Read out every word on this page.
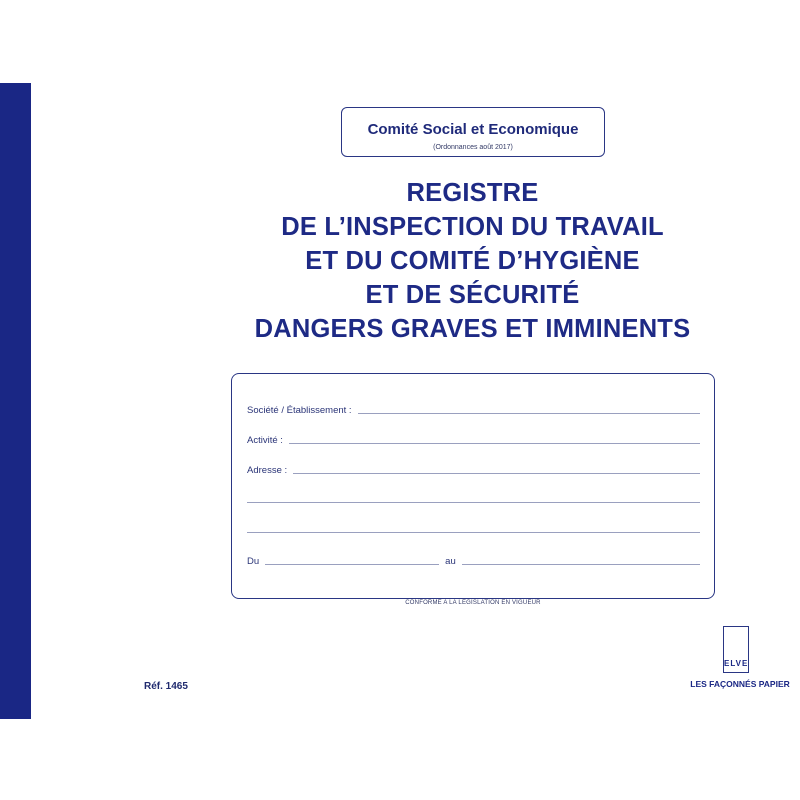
Comité Social et Economique
(Ordonnances août 2017)
REGISTRE
DE L’INSPECTION DU TRAVAIL
ET DU COMITÉ D’HYGIÈNE
ET DE SÉCURITÉ
DANGERS GRAVES ET IMMINENTS
Société / Établissement :
Activité :
Adresse :
Du	au
CONFORME A LA LEGISLATION EN VIGUEUR
Réf. 1465
ELVE
LES FAÇONNÉS PAPIER
